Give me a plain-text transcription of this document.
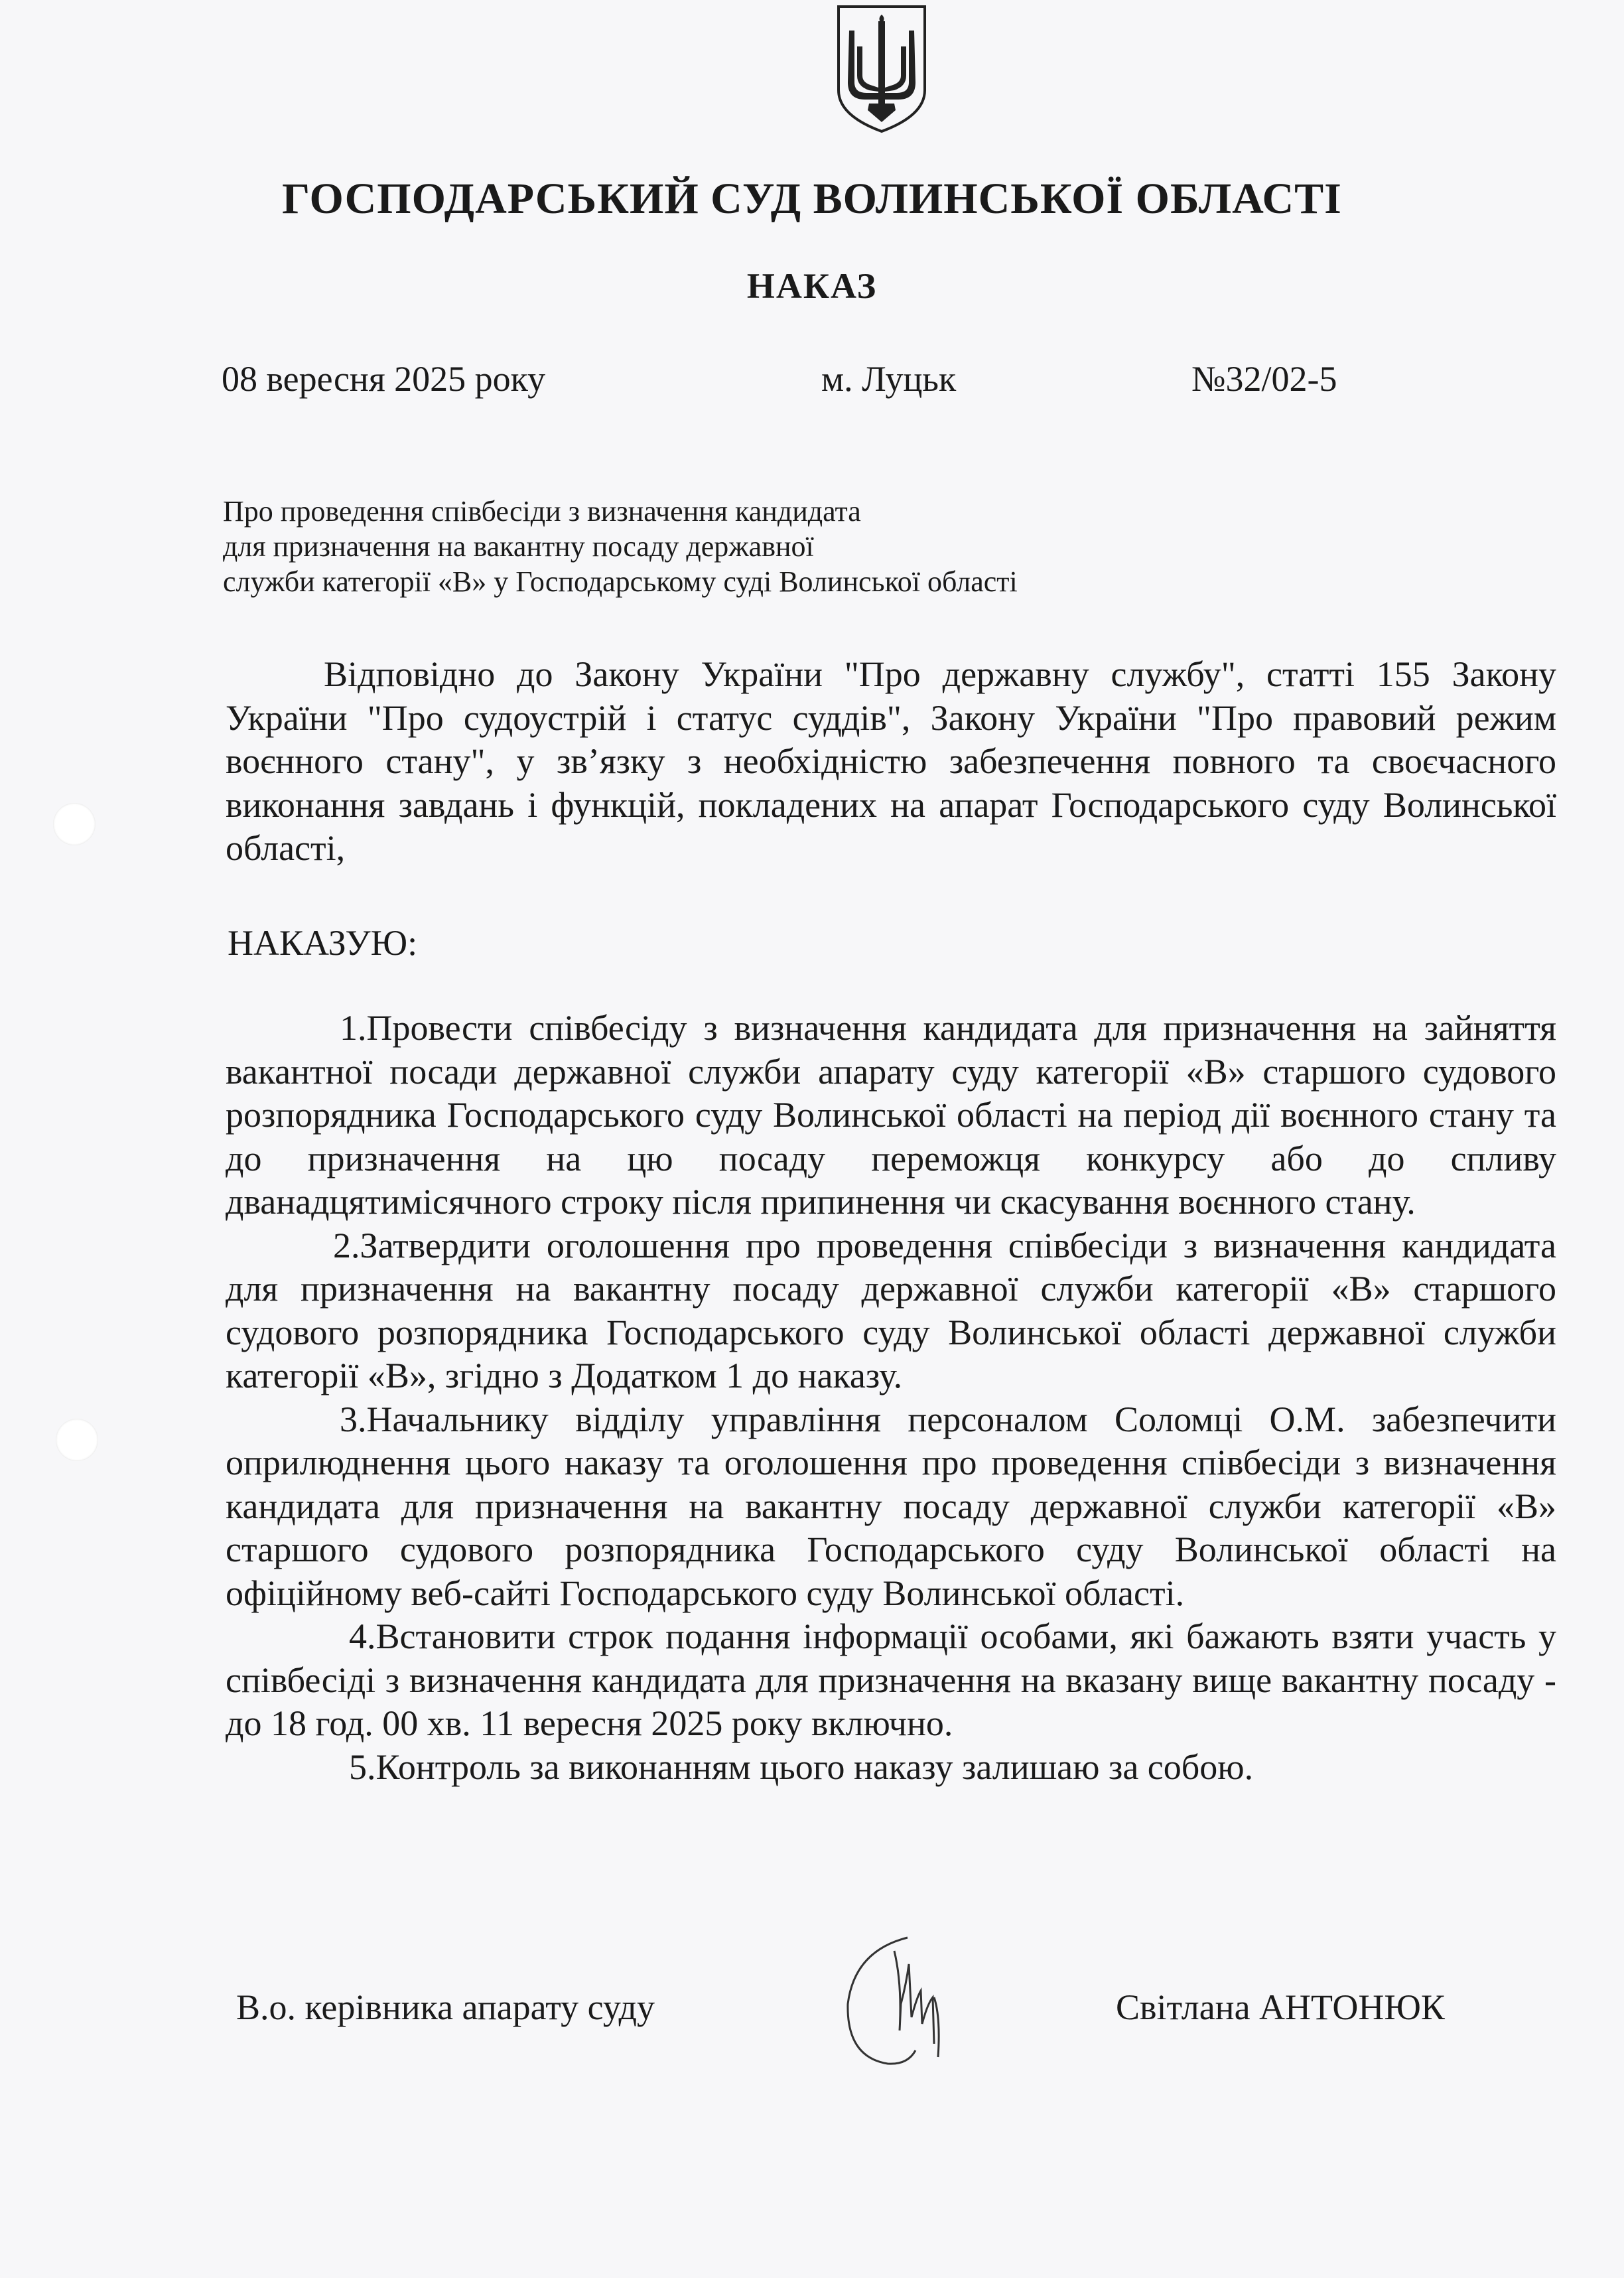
ГОСПОДАРСЬКИЙ СУД ВОЛИНСЬКОЇ ОБЛАСТІ
НАКАЗ
08 вересня 2025 року	м. Луцьк	№32/02-5
Про проведення співбесіди з визначення кандидата
для призначення на вакантну посаду державної
служби категорії «В» у Господарському суді Волинської області

Відповідно до Закону України "Про державну службу", статті 155 Закону України "Про судоустрій і статус суддів", Закону України "Про правовий режим воєнного стану", у зв’язку з необхідністю забезпечення повного та своєчасного виконання завдань і функцій, покладених на апарат Господарського суду Волинської області,

НАКАЗУЮ:

1.Провести співбесіду з визначення кандидата для призначення на зайняття вакантної посади державної служби апарату суду категорії «В» старшого судового розпорядника Господарського суду Волинської області на період дії воєнного стану та до призначення на цю посаду переможця конкурсу або до спливу дванадцятимісячного строку після припинення чи скасування воєнного стану.

2.Затвердити оголошення про проведення співбесіди з визначення кандидата для призначення на вакантну посаду державної служби категорії «В» старшого судового розпорядника Господарського суду Волинської області державної служби категорії «В», згідно з Додатком 1 до наказу.

3.Начальнику відділу управління персоналом Соломці О.М. забезпечити оприлюднення цього наказу та оголошення про проведення співбесіди з визначення кандидата для призначення на вакантну посаду державної служби категорії «В» старшого судового розпорядника Господарського суду Волинської області на офіційному веб-сайті Господарського суду Волинської області.

4.Встановити строк подання інформації особами, які бажають взяти участь у співбесіді з визначення кандидата для призначення на вказану вище вакантну посаду - до 18 год. 00 хв. 11 вересня 2025 року включно.

5.Контроль за виконанням цього наказу залишаю за собою.

В.о. керівника апарату суду	Світлана АНТОНЮК
